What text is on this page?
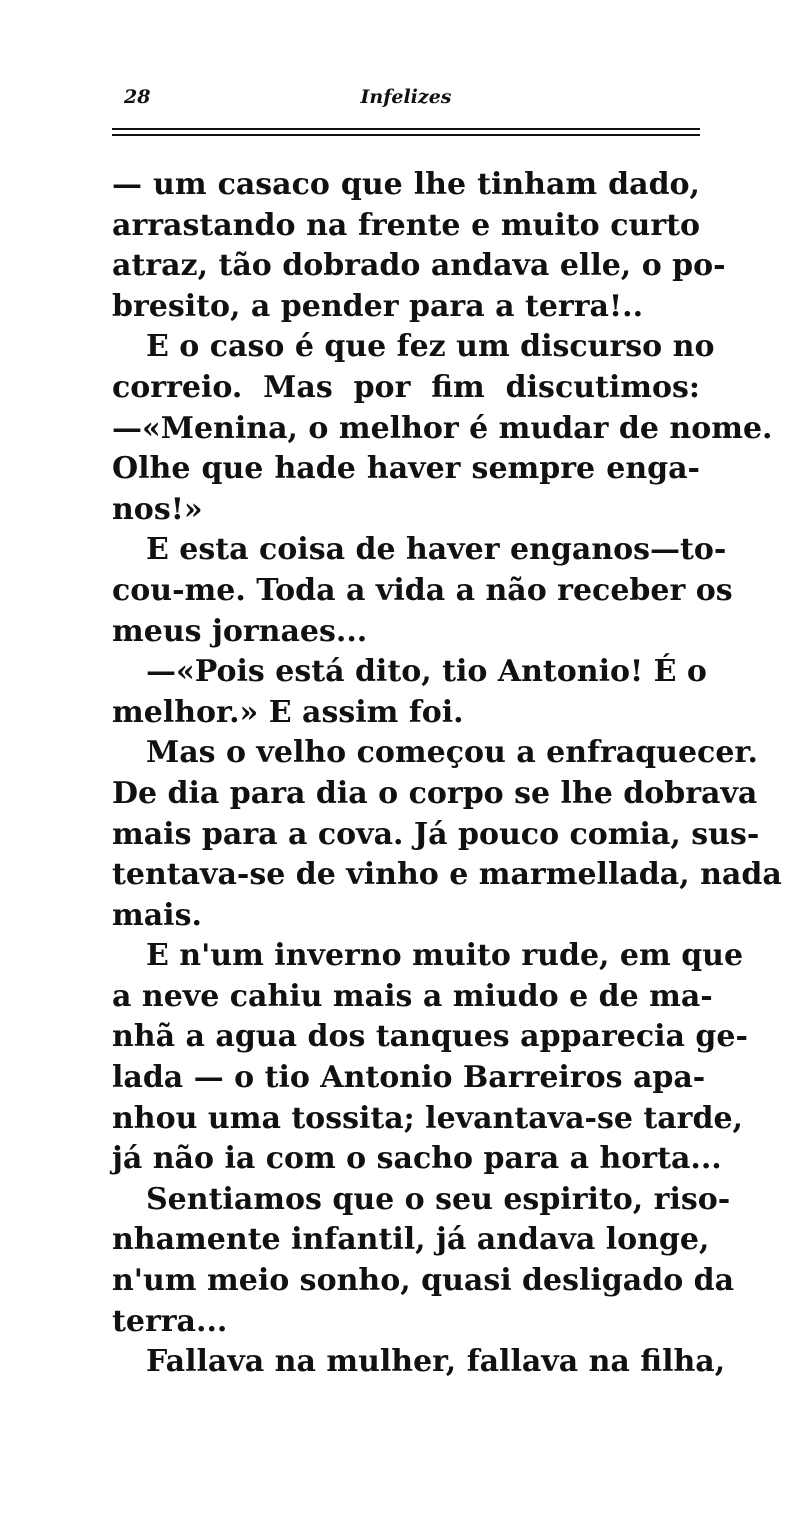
28	Infelizes
— um casaco que lhe tinham dado,
arrastando na frente e muito curto
atraz, tão dobrado andava elle, o po-
bresito, a pender para a terra!..
E o caso é que fez um discurso no
correio. Mas por fim discutimos:
—«Menina, o melhor é mudar de nome.
Olhe que hade haver sempre enga-
nos!»
E esta coisa de haver enganos—to-
cou-me. Toda a vida a não receber os
meus jornaes...
—«Pois está dito, tio Antonio! É o
melhor.» E assim foi.
Mas o velho começou a enfraquecer.
De dia para dia o corpo se lhe dobrava
mais para a cova. Já pouco comia, sus-
tentava-se de vinho e marmellada, nada
mais.
E n'um inverno muito rude, em que
a neve cahiu mais a miudo e de ma-
nhã a agua dos tanques apparecia ge-
lada — o tio Antonio Barreiros apa-
nhou uma tossita; levantava-se tarde,
já não ia com o sacho para a horta...
Sentiamos que o seu espirito, riso-
nhamente infantil, já andava longe,
n'um meio sonho, quasi desligado da
terra...
Fallava na mulher, fallava na filha,
